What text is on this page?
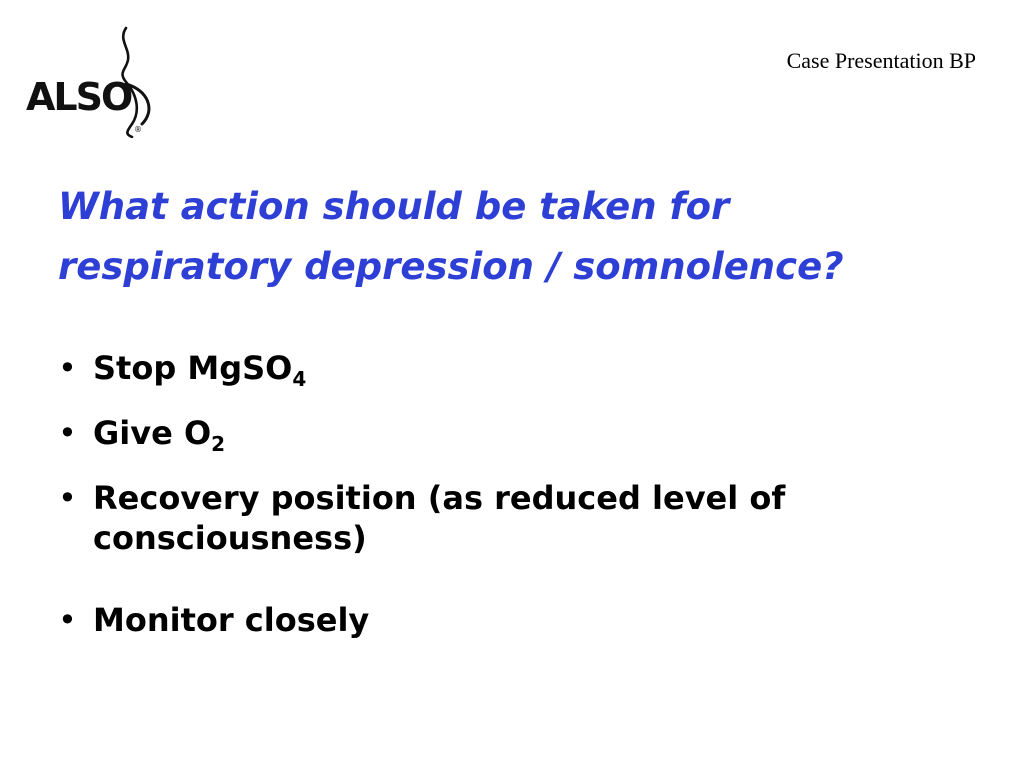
®
ALSO
Case Presentation BP
What action should be taken for
respiratory depression / somnolence?
• Stop MgSO$_4$
• Give $O_2$
• Recovery position (as reduced level of consciousness)
• Monitor closely
